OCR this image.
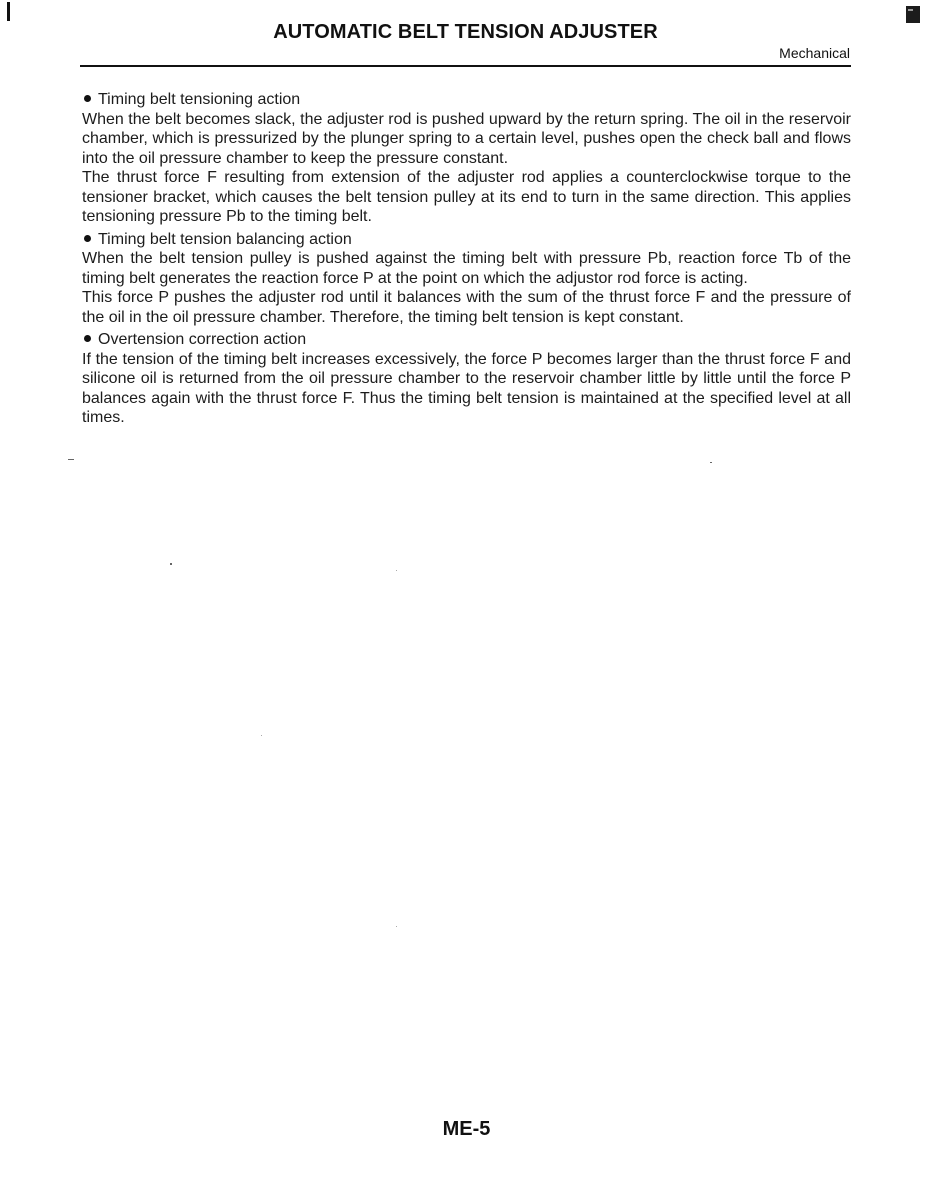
AUTOMATIC BELT TENSION ADJUSTER
Mechanical

Timing belt tensioning action

When the belt becomes slack, the adjuster rod is pushed upward by the return spring. The oil in the reservoir chamber, which is pressurized by the plunger spring to a certain level, pushes open the check ball and flows into the oil pressure chamber to keep the pressure constant.

The thrust force F resulting from extension of the adjuster rod applies a counterclockwise torque to the tensioner bracket, which causes the belt tension pulley at its end to turn in the same direction. This applies tensioning pressure Pb to the timing belt.

Timing belt tension balancing action

When the belt tension pulley is pushed against the timing belt with pressure Pb, reaction force Tb of the timing belt generates the reaction force P at the point on which the adjustor rod force is acting.

This force P pushes the adjuster rod until it balances with the sum of the thrust force F and the pressure of the oil in the oil pressure chamber. Therefore, the timing belt tension is kept constant.

Overtension correction action

If the tension of the timing belt increases excessively, the force P becomes larger than the thrust force F and silicone oil is returned from the oil pressure chamber to the reservoir chamber little by little until the force P balances again with the thrust force F. Thus the timing belt tension is maintained at the specified level at all times.

ME-5
